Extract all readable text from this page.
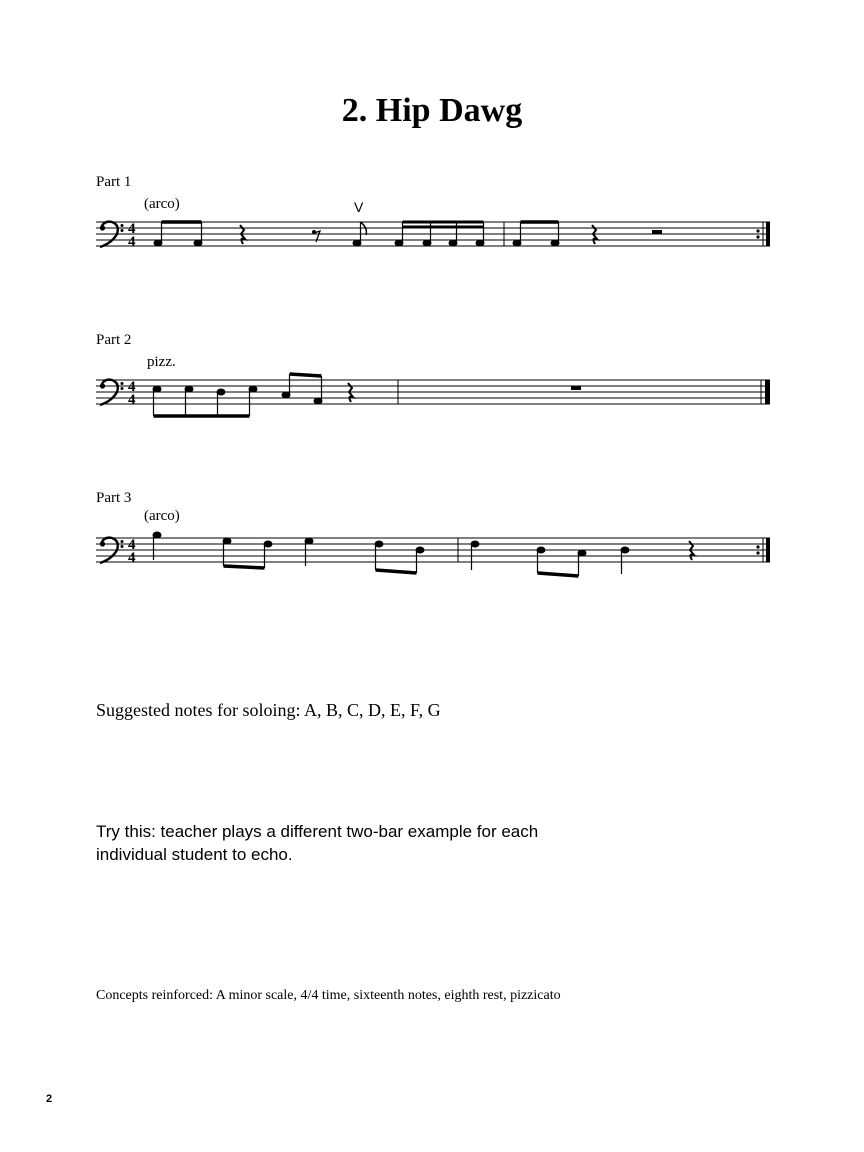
2. Hip Dawg
Part 1
(arco)	V
4
4
Part 2
pizz.
4
4
Part 3
(arco)
4
4
Suggested notes for soloing: A, B, C, D, E, F, G
Try this: teacher plays a different two-bar example for each
individual student to echo.
Concepts reinforced: A minor scale, 4/4 time, sixteenth notes, eighth rest, pizzicato
2
